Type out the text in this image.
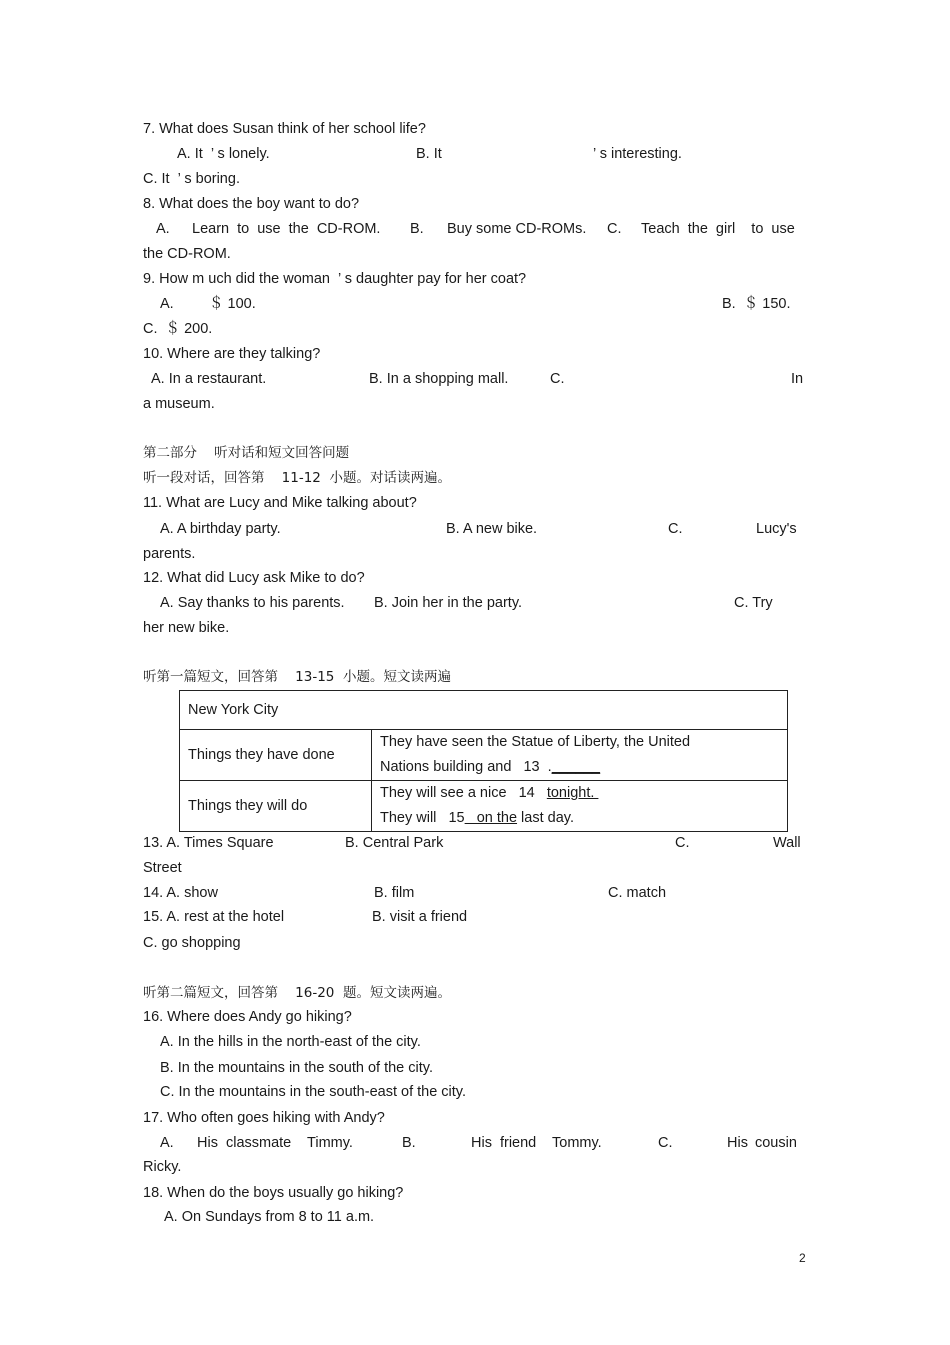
7. What does Susan think of her school life?
A. It  ’ s lonely.	B. It	’ s interesting.
C. It  ’ s boring.
8. What does the boy want to do?
A. Learn to use the CD-ROM. B. Buy some CD-ROMs. C. Teach the girl  to use
the CD-ROM.
9. How m uch did the woman  ’ s daughter pay for her coat?
A. ＄ 100.	B.  ＄ 150.
C.  ＄ 200.
10. Where are they talking?
A. In a restaurant.	B. In a shopping mall.	C.	In
a museum.
第二部分    听对话和短文回答问题
听一段对话，回答第    11-12  小题。对话读两遍。
11. What are Lucy and Mike talking about?
A. A birthday party.	B. A new bike.	C.	Lucy's
parents.
12. What did Lucy ask Mike to do?
A. Say thanks to his parents. B. Join her in the party.	C. Try
her new bike.
听第一篇短文，回答第    13-15  小题。短文读两遍
New York City	
Things they have done	They have seen the Statue of Liberty, the United
Nations building and   13  .______

Things they will do	They will see a nice   14   tonight.
They will   15   on the last day.
13. A. Times Square	B. Central Park	C.	Wall
Street
14. A. show	B. film	C. match
15. A. rest at the hotel	B. visit a friend
C. go shopping
听第二篇短文，回答第    16-20  题。短文读两遍。
16. Where does Andy go hiking?
A. In the hills in the north-east of the city.
B. In the mountains in the south of the city.
C. In the mountains in the south-east of the city.
17. Who often goes hiking with Andy?
A. His classmate  Timmy.	B.	His friend  Tommy.	C.	His cousin
Ricky.
18. When do the boys usually go hiking?
A. On Sundays from 8 to 11 a.m.
2
